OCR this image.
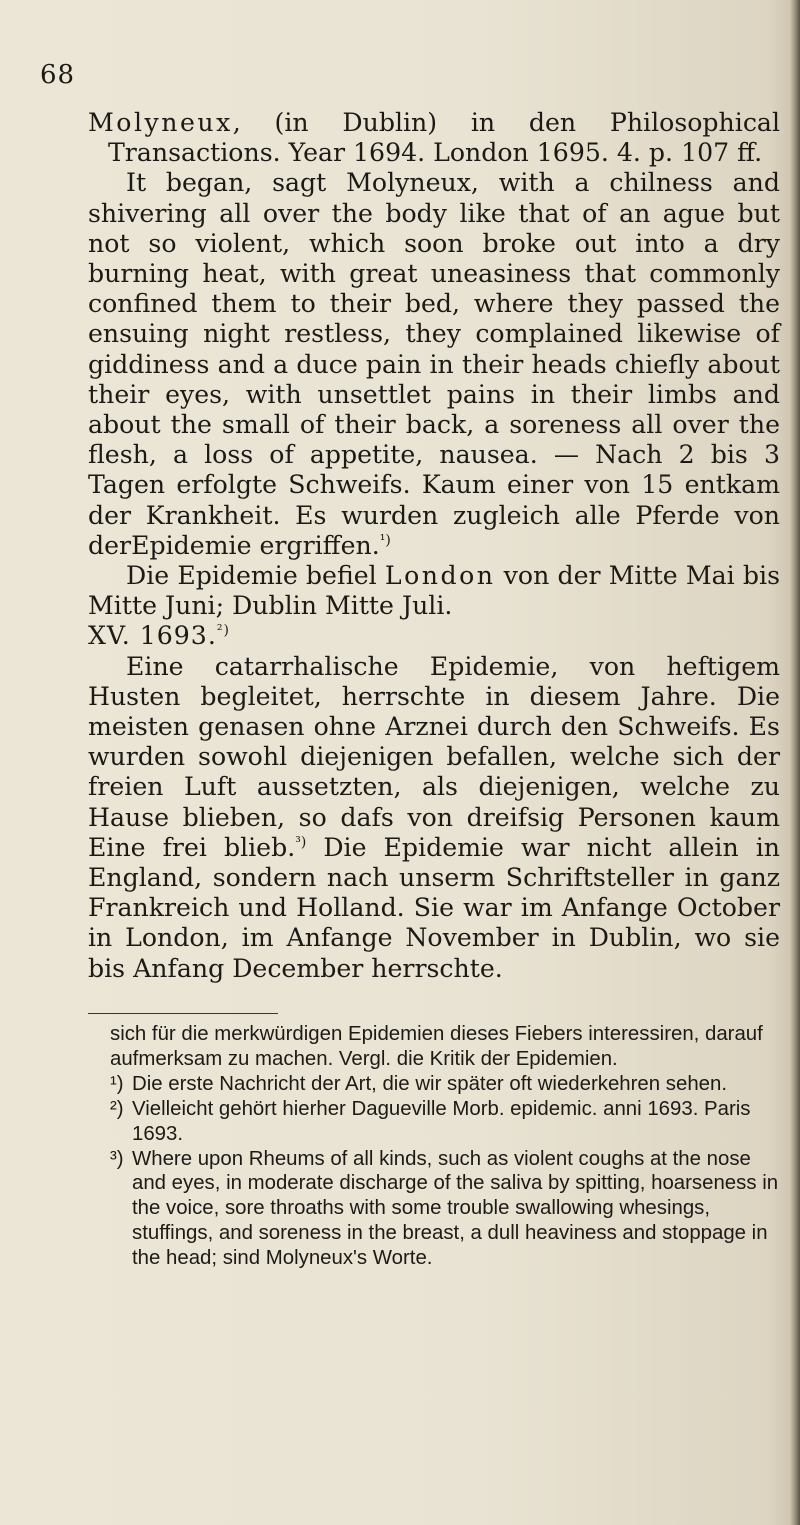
68

Molyneux, (in Dublin) in den Philosophical Transactions. Year 1694. London 1695. 4. p. 107 ff.

It began, sagt Molyneux, with a chilness and shivering all over the body like that of an ague but not so violent, which soon broke out into a dry burning heat, with great uneasiness that commonly confined them to their bed, where they passed the ensuing night restless, they complained likewise of giddiness and a duce pain in their heads chiefly about their eyes, with unsettlet pains in their limbs and about the small of their back, a soreness all over the flesh, a loss of appetite, nausea. — Nach 2 bis 3 Tagen erfolgte Schweifs. Kaum einer von 15 entkam der Krankheit. Es wurden zugleich alle Pferde von derEpidemie ergriffen.$^{^1)}$

Die Epidemie befiel London von der Mitte Mai bis Mitte Juni; Dublin Mitte Juli.

XV. 1693.$^{^2)}$

Eine catarrhalische Epidemie, von heftigem Husten begleitet, herrschte in diesem Jahre. Die meisten genasen ohne Arznei durch den Schweifs. Es wurden sowohl diejenigen befallen, welche sich der freien Luft aussetzten, als diejenigen, welche zu Hause blieben, so dafs von dreifsig Personen kaum Eine frei blieb.$^{^3)}$ Die Epidemie war nicht allein in England, sondern nach unserm Schriftsteller in ganz Frankreich und Holland. Sie war im Anfange October in London, im Anfange November in Dublin, wo sie bis Anfang December herrschte.

sich für die merkwürdigen Epidemien dieses Fiebers interessiren, darauf aufmerksam zu machen. Vergl. die Kritik der Epidemien.

¹) Die erste Nachricht der Art, die wir später oft wiederkehren sehen.

²) Vielleicht gehört hierher Dagueville Morb. epidemic. anni 1693. Paris 1693.

³) Where upon Rheums of all kinds, such as violent coughs at the nose and eyes, in moderate discharge of the saliva by spitting, hoarseness in the voice, sore throaths with some trouble swallowing whesings, stuffings, and soreness in the breast, a dull heaviness and stoppage in the head; sind Molyneux's Worte.
